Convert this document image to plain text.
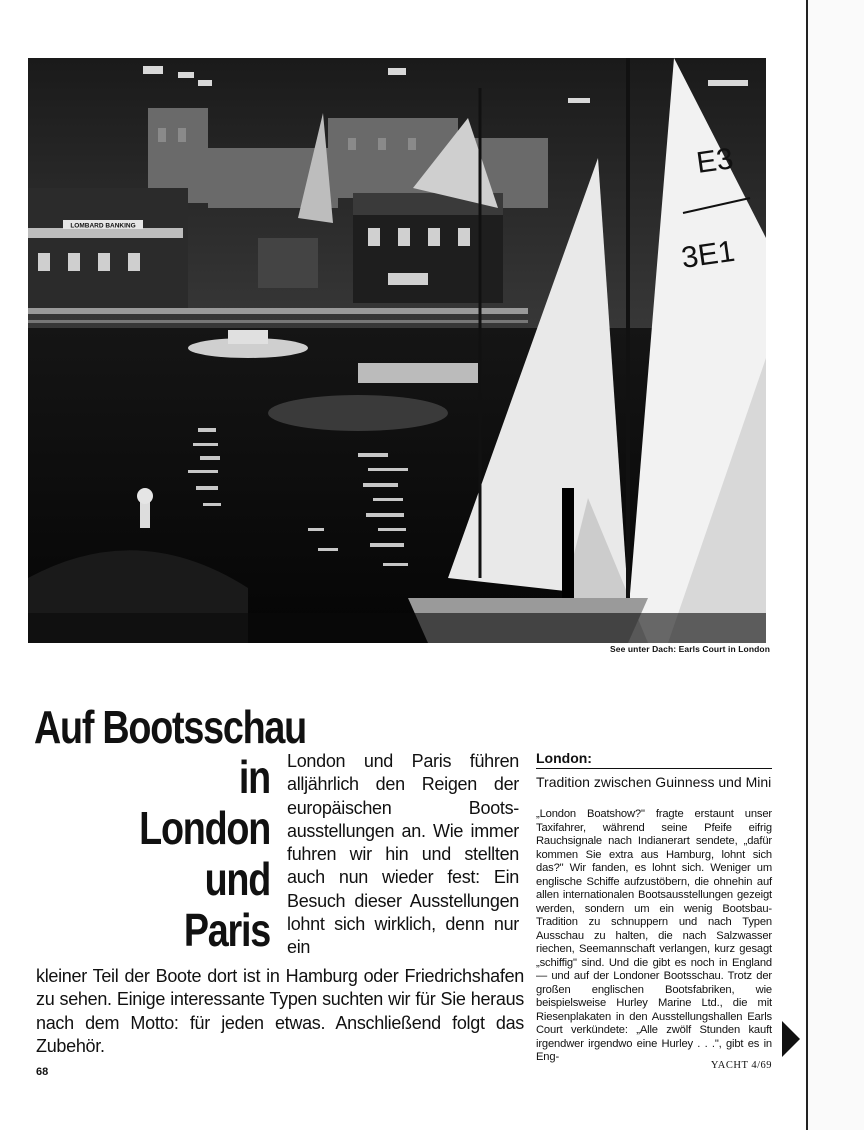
LOMBARD BANKING
E3
3E1
See unter Dach: Earls Court in London
Auf Bootsschau
in
London
und
Paris
London und Paris führen alljährlich den Reigen der europäischen Boots-ausstellungen an. Wie immer fuhren wir hin und stellten auch nun wieder fest: Ein Besuch dieser Ausstellungen lohnt sich wirklich, denn nur ein
kleiner Teil der Boote dort ist in Hamburg oder Friedrichshafen zu sehen. Einige interessante Typen suchten wir für Sie heraus nach dem Motto: für jeden etwas. Anschließend folgt das Zubehör.
London:
Tradition zwischen Guinness und Mini
„London Boatshow?" fragte erstaunt unser Taxifahrer, während seine Pfeife eifrig Rauchsignale nach Indianerart sendete, „dafür kommen Sie extra aus Hamburg, lohnt sich das?" Wir fanden, es lohnt sich. Weniger um englische Schiffe aufzustöbern, die ohnehin auf allen internationalen Bootsausstellungen gezeigt werden, sondern um ein wenig Bootsbau-Tradition zu schnuppern und nach Typen Ausschau zu halten, die nach Salzwasser riechen, Seemannschaft verlangen, kurz gesagt „schiffig" sind. Und die gibt es noch in England — und auf der Londoner Bootsschau. Trotz der großen englischen Bootsfabriken, wie beispielsweise Hurley Marine Ltd., die mit Riesenplakaten in den Ausstellungshallen Earls Court verkündete: „Alle zwölf Stunden kauft irgendwer irgendwo eine Hurley . . .", gibt es in Eng-
68
YACHT 4/69
